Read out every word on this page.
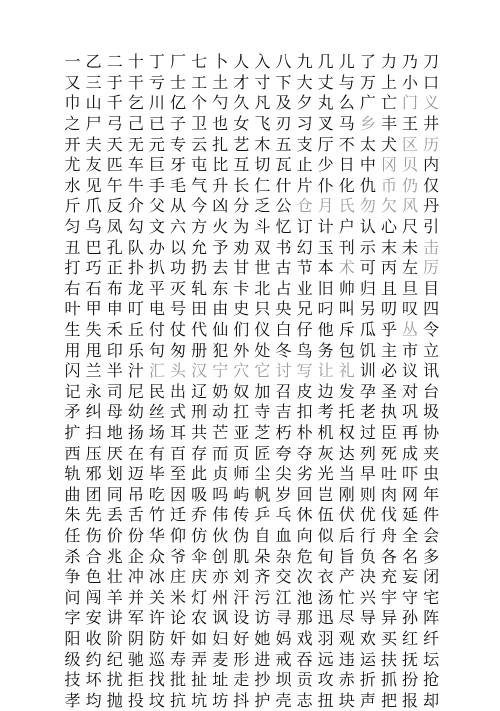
一 乙 二 十 丁 厂 七 卜 人 入 八 九 几 儿 了 力 乃 刀
又 三 于 干 亏 士 工 土 才 寸 下 大 丈 与 万 上 小 口
巾 山 千 乞 川 亿 个 勺 久 凡 及 夕 丸 么 广 亡 门 义
之 尸 弓 己 已 子 卫 也 女 飞 刃 习 叉 马 乡 丰 王 井
开 夫 天 无 元 专 云 扎 艺 木 五 支 厅 不 太 犬 区 历
尤 友 匹 车 巨 牙 屯 比 互 切 瓦 止 少 日 中 冈 贝 内
水 见 午 牛 手 毛 气 升 长 仁 什 片 仆 化 仇 币 仍 仅
斤 爪 反 介 父 从 今 凶 分 乏 公 仓 月 氏 勿 欠 风 丹
匀 乌 凤 勾 文 六 方 火 为 斗 忆 订 计 户 认 心 尺 引
丑 巴 孔 队 办 以 允 予 劝 双 书 幻 玉 刊 示 末 未 击
打 巧 正 扑 扒 功 扔 去 甘 世 古 节 本 术 可 丙 左 厉
右 石 布 龙 平 灭 轧 东 卡 北 占 业 旧 帅 归 且 旦 目
叶 甲 申 叮 电 号 田 由 史 只 央 兄 叼 叫 另 叨 叹 四
生 失 禾 丘 付 仗 代 仙 们 仪 白 仔 他 斥 瓜 乎 丛 令
用 甩 印 乐 句 匆 册 犯 外 处 冬 鸟 务 包 饥 主 市 立
闪 兰 半 汁 汇 头 汉 宁 穴 它 讨 写 让 礼 训 必 议 讯
记 永 司 尼 民 出 辽 奶 奴 加 召 皮 边 发 孕 圣 对 台
矛 纠 母 幼 丝 式 刑 动 扛 寺 吉 扣 考 托 老 执 巩 圾
扩 扫 地 扬 场 耳 共 芒 亚 芝 朽 朴 机 权 过 臣 再 协
西 压 厌 在 有 百 存 而 页 匠 夸 夺 灰 达 列 死 成 夹
轨 邪 划 迈 毕 至 此 贞 师 尘 尖 劣 光 当 早 吐 吓 虫
曲 团 同 吊 吃 因 吸 吗 屿 帆 岁 回 岂 刚 则 肉 网 年
朱 先 丢 舌 竹 迁 乔 伟 传 乒 乓 休 伍 伏 优 伐 延 件
任 伤 价 份 华 仰 仿 伙 伪 自 血 向 似 后 行 舟 全 会
杀 合 兆 企 众 爷 伞 创 肌 朵 杂 危 旬 旨 负 各 名 多
争 色 壮 冲 冰 庄 庆 亦 刘 齐 交 次 衣 产 决 充 妄 闭
问 闯 羊 并 关 米 灯 州 汗 污 江 池 汤 忙 兴 宇 守 宅
字 安 讲 军 许 论 农 讽 设 访 寻 那 迅 尽 导 异 孙 阵
阳 收 阶 阴 防 奸 如 妇 好 她 妈 戏 羽 观 欢 买 红 纤
级 约 纪 驰 巡 寿 弄 麦 形 进 戒 吞 远 违 运 扶 抚 坛
技 坏 扰 拒 找 批 扯 址 走 抄 坝 贡 攻 赤 折 抓 扮 抢
孝 均 抛 投 坟 抗 坑 坊 抖 护 壳 志 扭 块 声 把 报 却
